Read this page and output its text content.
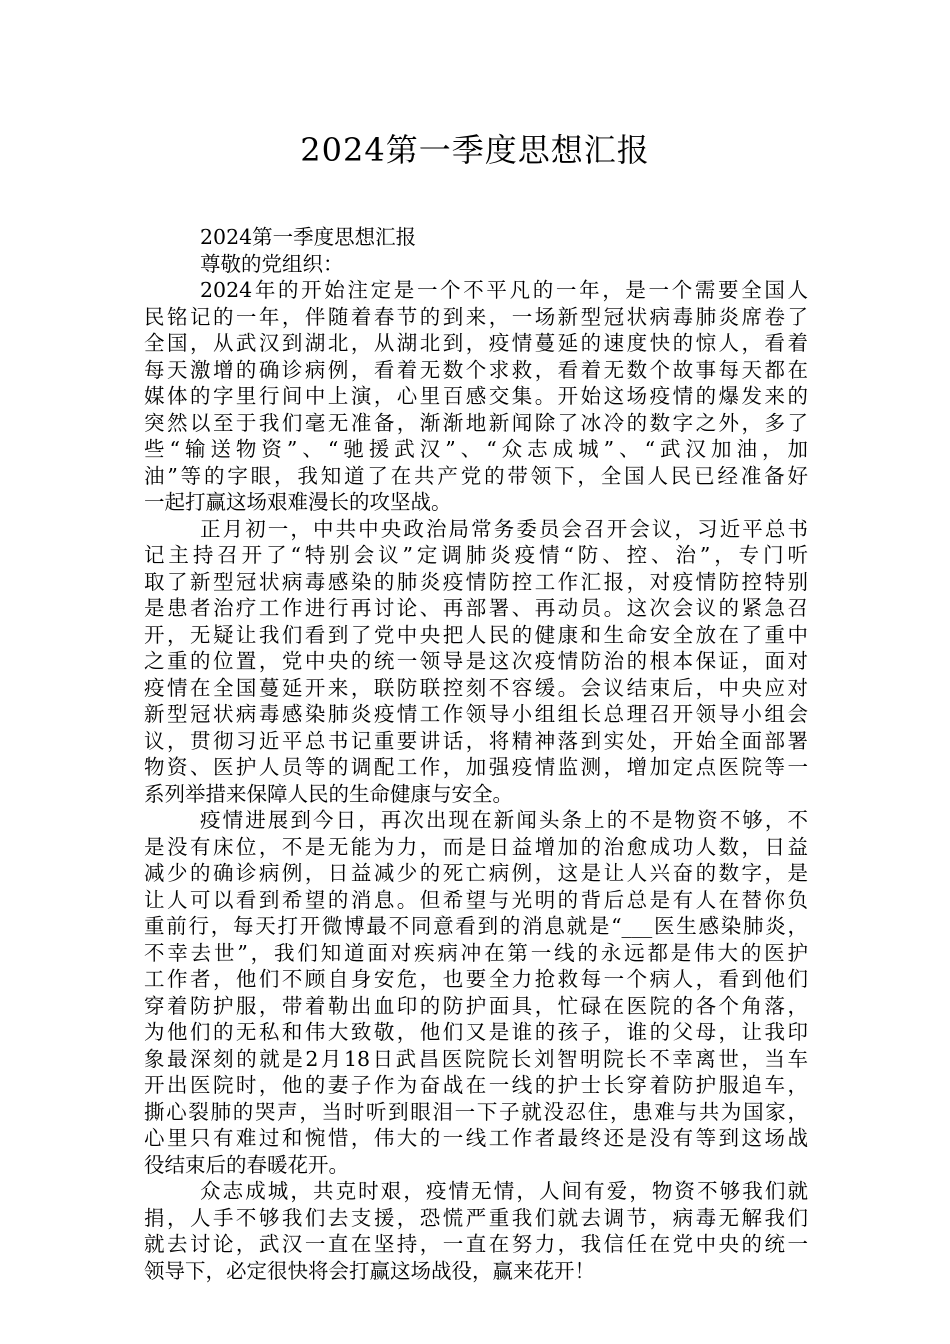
2024第一季度思想汇报
2024第一季度思想汇报
尊敬的党组织：
2024年的开始注定是一个不平凡的一年，是一个需要全国人
民铭记的一年，伴随着春节的到来，一场新型冠状病毒肺炎席卷了
全国，从武汉到湖北，从湖北到，疫情蔓延的速度快的惊人，看着
每天激增的确诊病例，看着无数个求救，看着无数个故事每天都在
媒体的字里行间中上演，心里百感交集。开始这场疫情的爆发来的
突然以至于我们毫无准备，渐渐地新闻除了冰冷的数字之外，多了
些“输送物资”、“驰援武汉”、“众志成城”、“武汉加油，加
油”等的字眼，我知道了在共产党的带领下，全国人民已经准备好
一起打赢这场艰难漫长的攻坚战。
正月初一，中共中央政治局常务委员会召开会议，习近平总书
记主持召开了“特别会议”定调肺炎疫情“防、控、治”，专门听
取了新型冠状病毒感染的肺炎疫情防控工作汇报，对疫情防控特别
是患者治疗工作进行再讨论、再部署、再动员。这次会议的紧急召
开，无疑让我们看到了党中央把人民的健康和生命安全放在了重中
之重的位置，党中央的统一领导是这次疫情防治的根本保证，面对
疫情在全国蔓延开来，联防联控刻不容缓。会议结束后，中央应对
新型冠状病毒感染肺炎疫情工作领导小组组长总理召开领导小组会
议，贯彻习近平总书记重要讲话，将精神落到实处，开始全面部署
物资、医护人员等的调配工作，加强疫情监测，增加定点医院等一
系列举措来保障人民的生命健康与安全。
疫情进展到今日，再次出现在新闻头条上的不是物资不够，不
是没有床位，不是无能为力，而是日益增加的治愈成功人数，日益
减少的确诊病例，日益减少的死亡病例，这是让人兴奋的数字，是
让人可以看到希望的消息。但希望与光明的背后总是有人在替你负
重前行，每天打开微博最不同意看到的消息就是“___医生感染肺炎，
不幸去世”，我们知道面对疾病冲在第一线的永远都是伟大的医护
工作者，他们不顾自身安危，也要全力抢救每一个病人，看到他们
穿着防护服，带着勒出血印的防护面具，忙碌在医院的各个角落，
为他们的无私和伟大致敬，他们又是谁的孩子，谁的父母，让我印
象最深刻的就是2月18日武昌医院院长刘智明院长不幸离世，当车
开出医院时，他的妻子作为奋战在一线的护士长穿着防护服追车，
撕心裂肺的哭声，当时听到眼泪一下子就没忍住，患难与共为国家，
心里只有难过和惋惜，伟大的一线工作者最终还是没有等到这场战
役结束后的春暖花开。
众志成城，共克时艰，疫情无情，人间有爱，物资不够我们就
捐，人手不够我们去支援，恐慌严重我们就去调节，病毒无解我们
就去讨论，武汉一直在坚持，一直在努力，我信任在党中央的统一
领导下，必定很快将会打赢这场战役，赢来花开！
